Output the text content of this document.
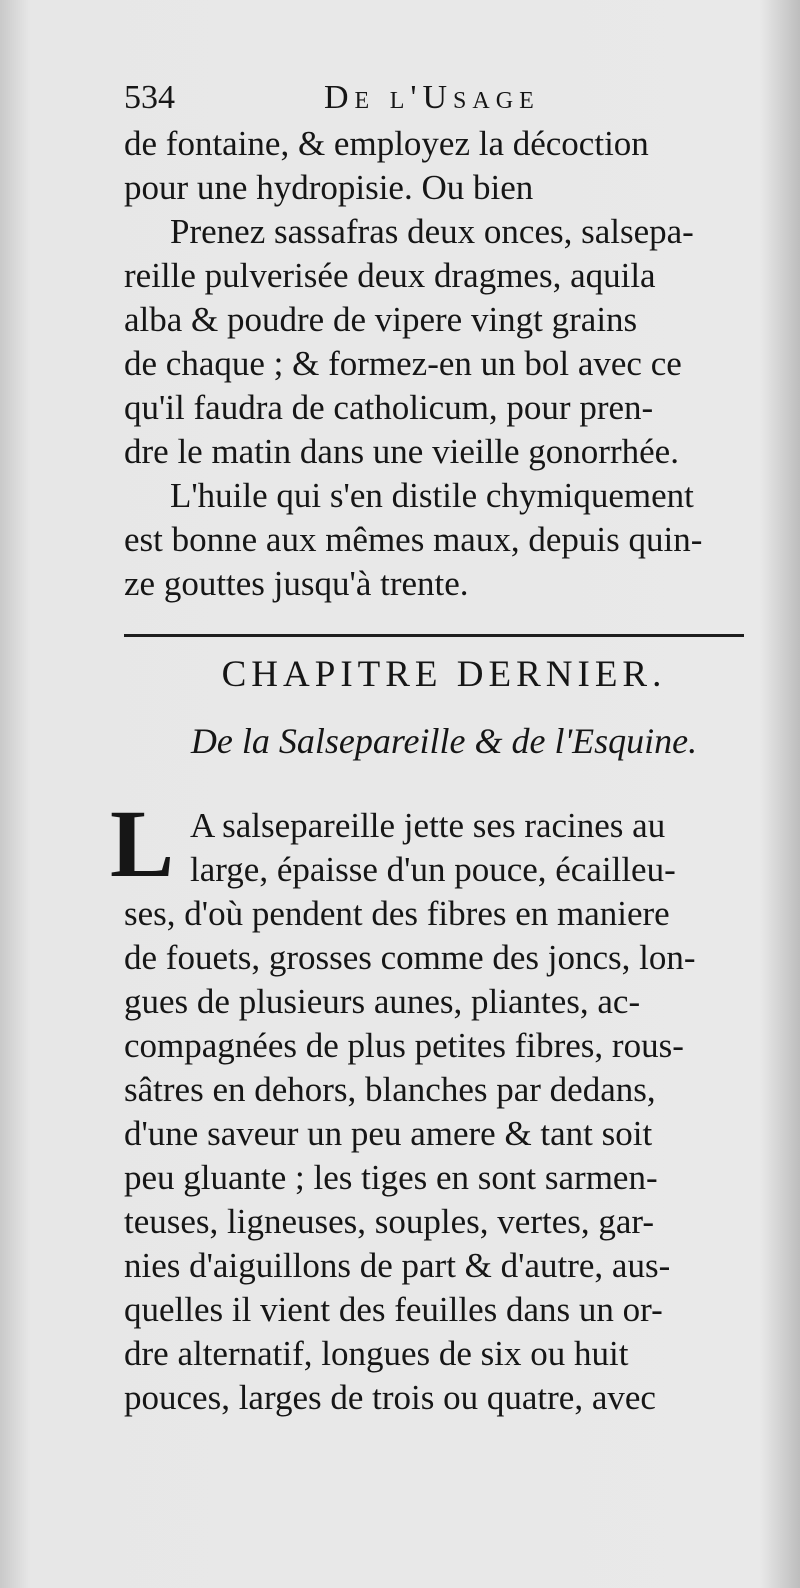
534	De l'Usage
de fontaine, & employez la décoction
pour une hydropisie. Ou bien
Prenez sassafras deux onces, salsepa-
reille pulverisée deux dragmes, aquila
alba & poudre de vipere vingt grains
de chaque ; & formez-en un bol avec ce
qu'il faudra de catholicum, pour pren-
dre le matin dans une vieille gonorrhée.
L'huile qui s'en distile chymiquement
est bonne aux mêmes maux, depuis quin-
ze gouttes jusqu'à trente.
CHAPITRE DERNIER.
De la Salsepareille & de l'Esquine.
L A salsepareille jette ses racines au
large, épaisse d'un pouce, écailleu-
ses, d'où pendent des fibres en maniere
de fouets, grosses comme des joncs, lon-
gues de plusieurs aunes, pliantes, ac-
compagnées de plus petites fibres, rous-
sâtres en dehors, blanches par dedans,
d'une saveur un peu amere & tant soit
peu gluante ; les tiges en sont sarmen-
teuses, ligneuses, souples, vertes, gar-
nies d'aiguillons de part & d'autre, aus-
quelles il vient des feuilles dans un or-
dre alternatif, longues de six ou huit
pouces, larges de trois ou quatre, avec
